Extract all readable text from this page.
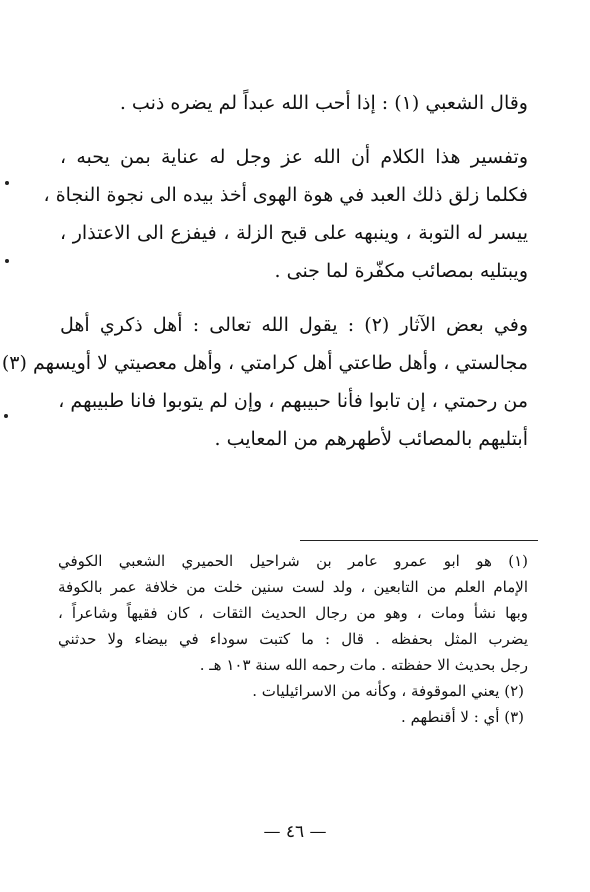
وقال الشعبي (١) : إذا أحب الله عبداً لم يضره ذنب .
وتفسير هذا الكلام أن الله عز وجل له عناية بمن يحبه ،
فكلما زلق ذلك العبد في هوة الهوى أخذ بيده الى نجوة النجاة ،
ييسر له التوبة ، وينبهه على قبح الزلة ، فيفزع الى الاعتذار ،
ويبتليه بمصائب مكفّرة لما جنى .
وفي بعض الآثار (٢) : يقول الله تعالى : أهل ذكري أهل
مجالستي ، وأهل طاعتي أهل كرامتي ، وأهل معصيتي لا أويسهم (٣)
من رحمتي ، إن تابوا فأنا حبيبهم ، وإن لم يتوبوا فانا طبيبهم ،
أبتليهم بالمصائب لأطهرهم من المعايب .
(١) هو ابو عمرو عامر بن شراحيل الحميري الشعبي الكوفي
الإمام العلم من التابعين ، ولد لست سنين خلت من خلافة عمر بالكوفة
وبها نشأ ومات ، وهو من رجال الحديث الثقات ، كان فقيهاً وشاعراً ،
يضرب المثل بحفظه . قال : ما كتبت سوداء في بيضاء ولا حدثني
رجل بحديث الا حفظته . مات رحمه الله سنة ١٠٣ هـ .
(٢) يعني الموقوفة ، وكأنه من الاسرائيليات .
(٣) أي : لا أقنطهم .
— ٤٦ —
